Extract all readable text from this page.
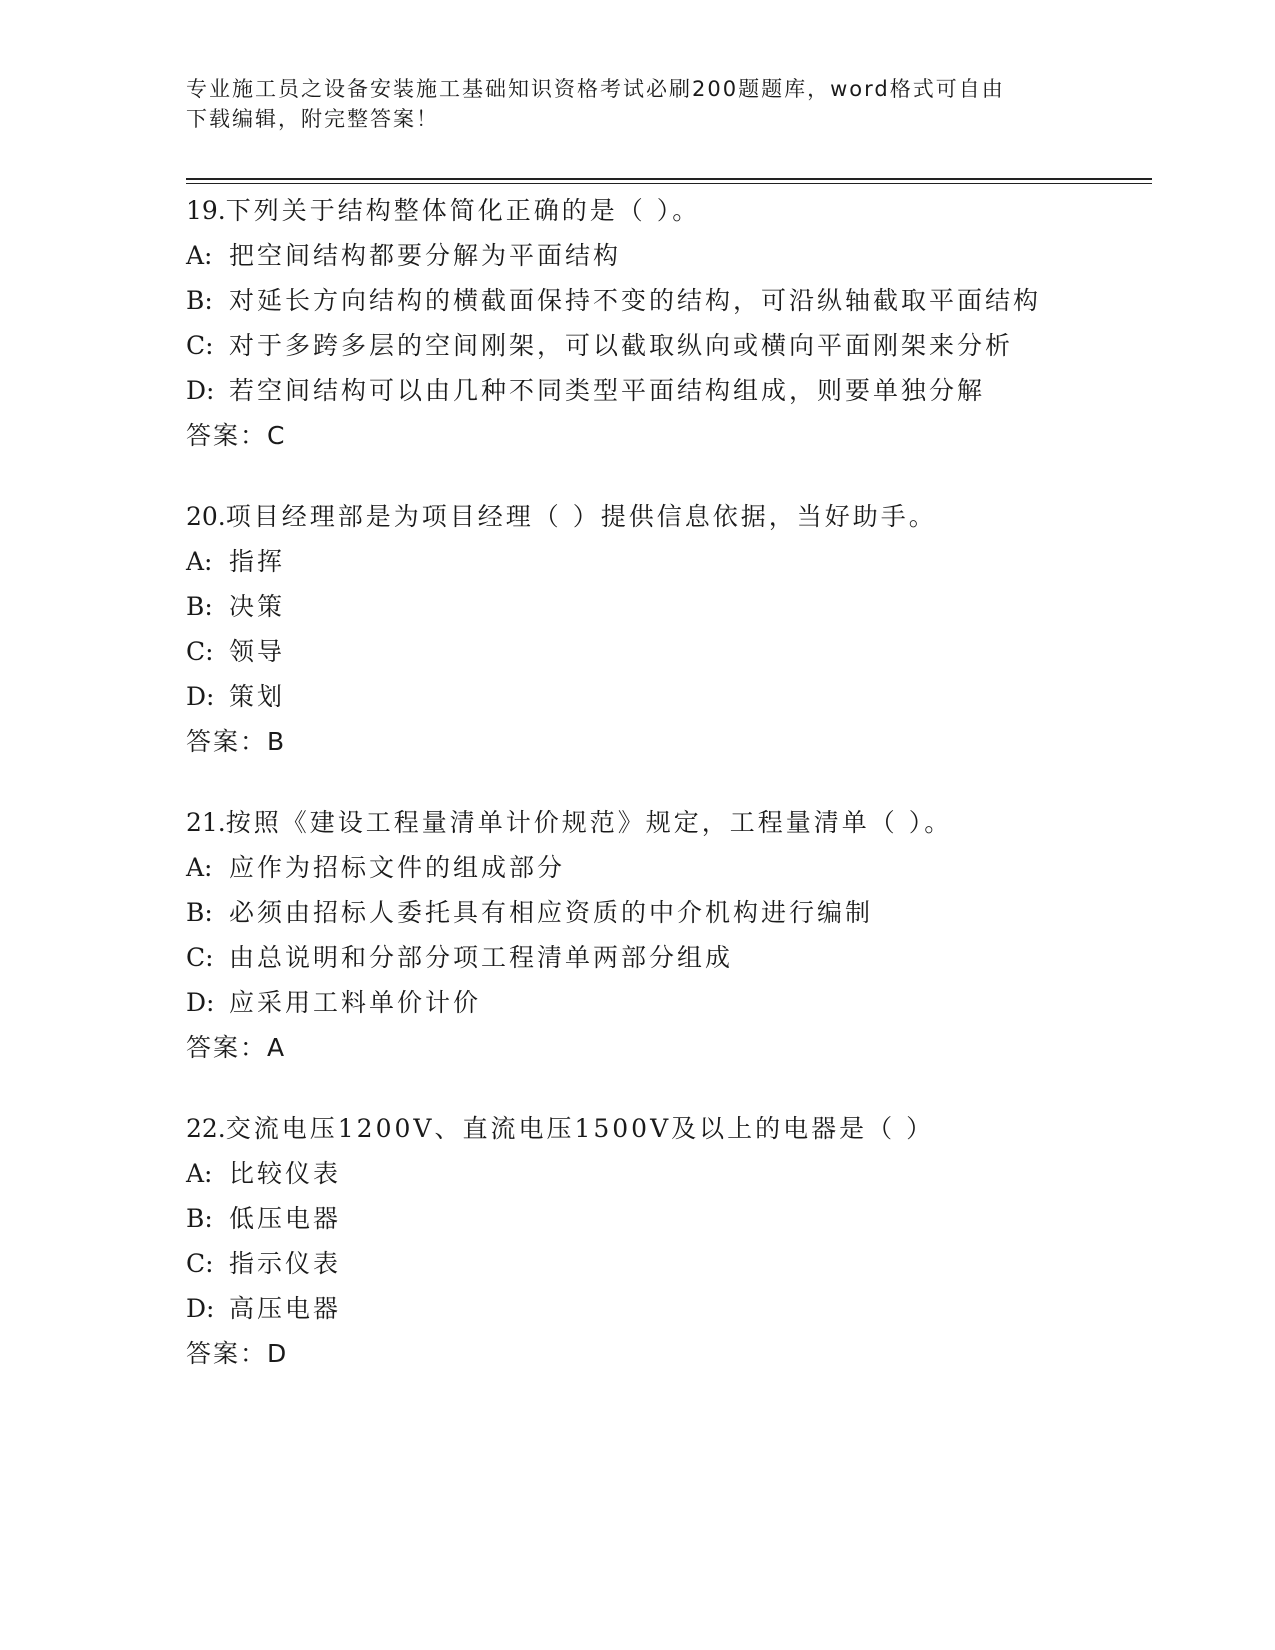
专业施工员之设备安装施工基础知识资格考试必刷200题题库，word格式可自由
下载编辑，附完整答案！
19.下列关于结构整体简化正确的是（ ）。
A: 把空间结构都要分解为平面结构
B: 对延长方向结构的横截面保持不变的结构，可沿纵轴截取平面结构
C: 对于多跨多层的空间刚架，可以截取纵向或横向平面刚架来分析
D: 若空间结构可以由几种不同类型平面结构组成，则要单独分解
答案：C
20.项目经理部是为项目经理（ ）提供信息依据，当好助手。
A: 指挥
B: 决策
C: 领导
D: 策划
答案：B
21.按照《建设工程量清单计价规范》规定，工程量清单（ ）。
A: 应作为招标文件的组成部分
B: 必须由招标人委托具有相应资质的中介机构进行编制
C: 由总说明和分部分项工程清单两部分组成
D: 应采用工料单价计价
答案：A
22.交流电压1200V、直流电压1500V及以上的电器是（ ）
A: 比较仪表
B: 低压电器
C: 指示仪表
D: 高压电器
答案：D
